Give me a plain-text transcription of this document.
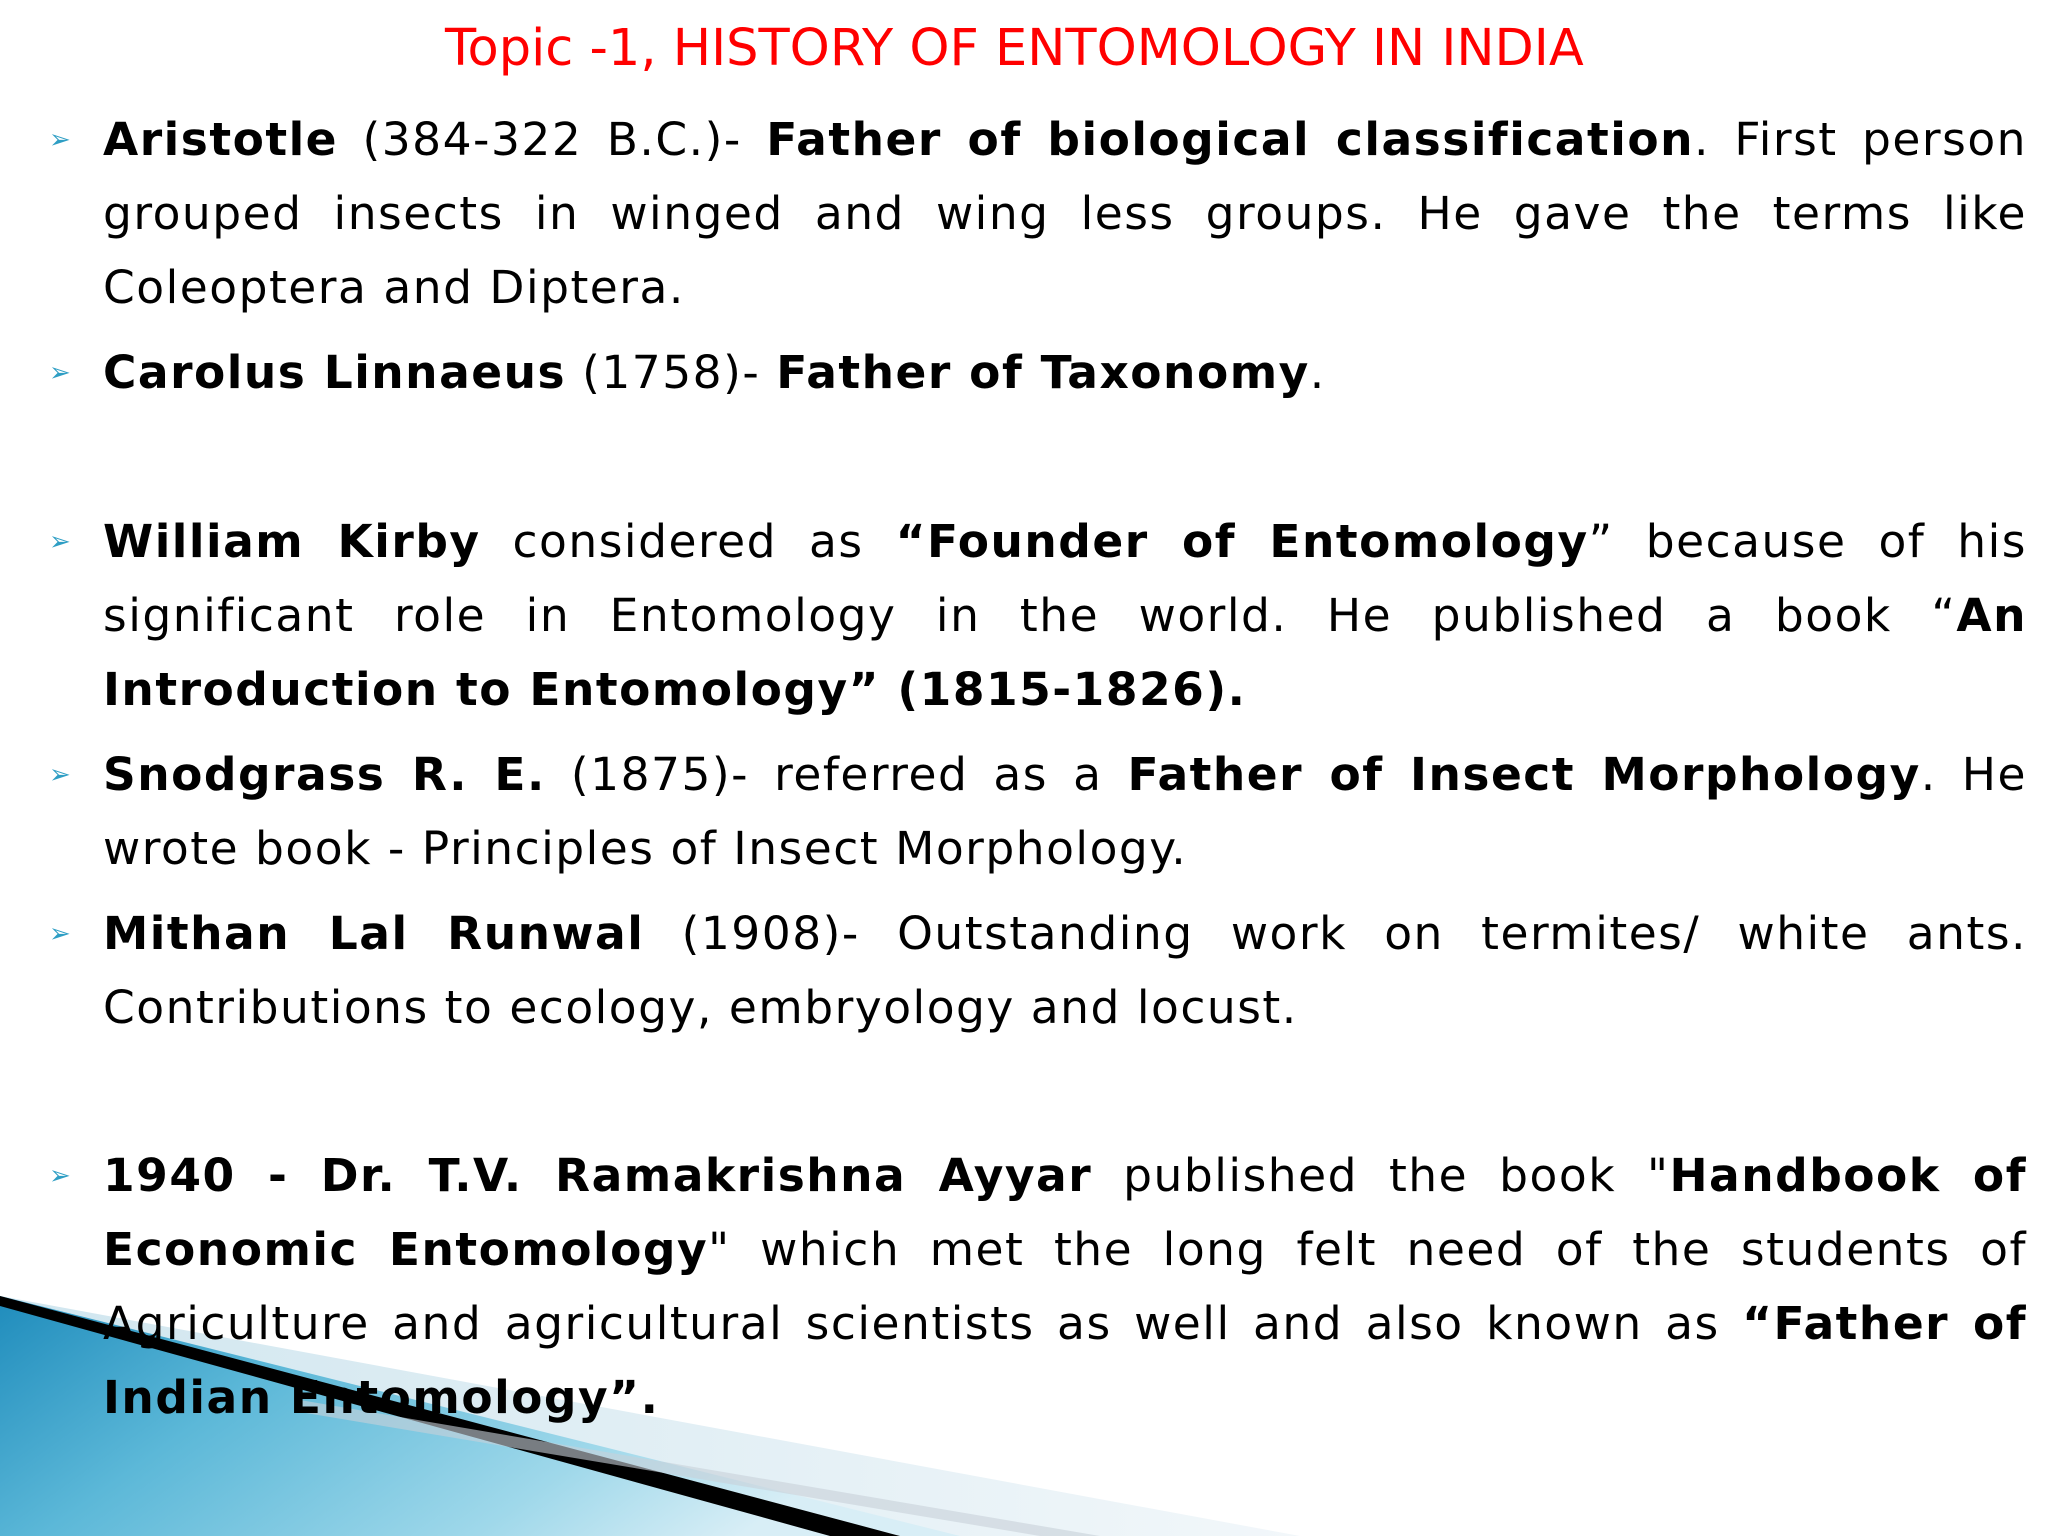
Topic -1, HISTORY OF ENTOMOLOGY IN INDIA
➢ Aristotle (384-322 B.C.)- Father of biological classification. First person grouped insects in winged and wing less groups. He gave the terms like Coleoptera and Diptera.
➢ Carolus Linnaeus (1758)- Father of Taxonomy.
➢ William Kirby considered as “Founder of Entomology” because of his significant role in Entomology in the world. He published a book “An Introduction to Entomology” (1815-1826).
➢ Snodgrass R. E. (1875)- referred as a Father of Insect Morphology. He wrote book - Principles of Insect Morphology.
➢ Mithan Lal Runwal (1908)- Outstanding work on termites/ white ants. Contributions to ecology, embryology and locust.
➢ 1940 - Dr. T.V. Ramakrishna Ayyar published the book "Handbook of Economic Entomology" which met the long felt need of the students of Agriculture and agricultural scientists as well and also known as “Father of Indian Entomology”.
